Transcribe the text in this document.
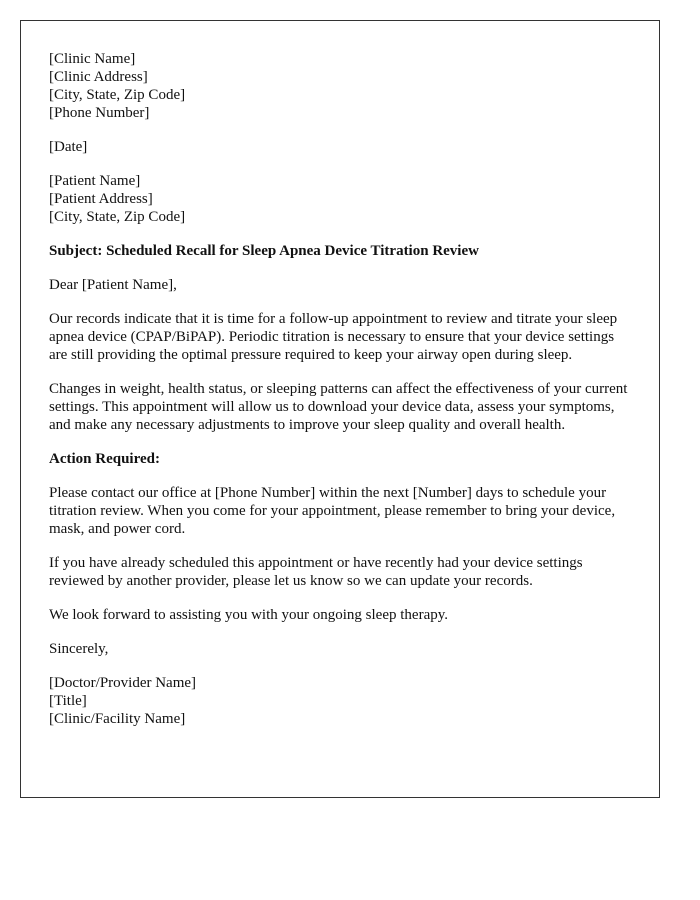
[Clinic Name]
[Clinic Address]
[City, State, Zip Code]
[Phone Number]
[Date]
[Patient Name]
[Patient Address]
[City, State, Zip Code]

Subject: Scheduled Recall for Sleep Apnea Device Titration Review

Dear [Patient Name],

Our records indicate that it is time for a follow-up appointment to review and titrate your sleep apnea device (CPAP/BiPAP). Periodic titration is necessary to ensure that your device settings are still providing the optimal pressure required to keep your airway open during sleep.

Changes in weight, health status, or sleeping patterns can affect the effectiveness of your current settings. This appointment will allow us to download your device data, assess your symptoms, and make any necessary adjustments to improve your sleep quality and overall health.

Action Required:

Please contact our office at [Phone Number] within the next [Number] days to schedule your titration review. When you come for your appointment, please remember to bring your device, mask, and power cord.

If you have already scheduled this appointment or have recently had your device settings reviewed by another provider, please let us know so we can update your records.

We look forward to assisting you with your ongoing sleep therapy.

Sincerely,

[Doctor/Provider Name]
[Title]
[Clinic/Facility Name]
